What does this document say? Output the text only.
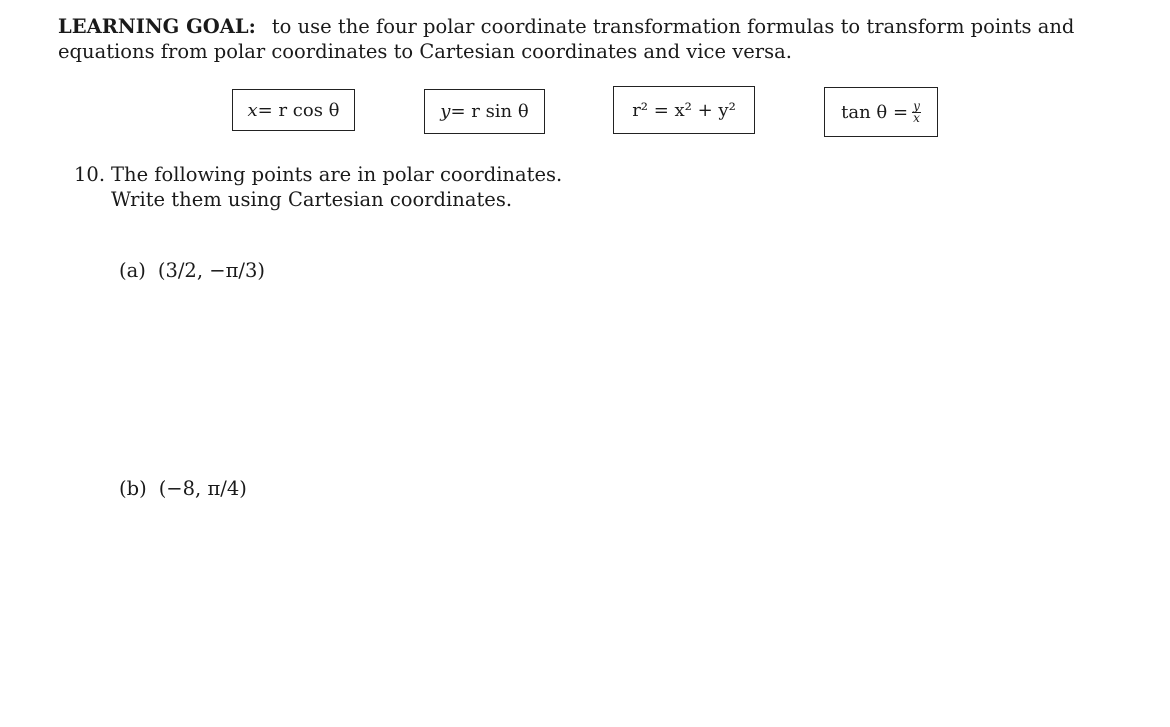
LEARNING GOAL: to use the four polar coordinate transformation formulas to transform points and equations from polar coordinates to Cartesian coordinates and vice versa.

x = r cos θ	y = r sin θ	r² = x² + y²	$\tan \theta = \frac{y}{x}$
10. The following points are in polar coordinates.
Write them using Cartesian coordinates.
(a) (3/2, −π/3)
(b) (−8, π/4)
